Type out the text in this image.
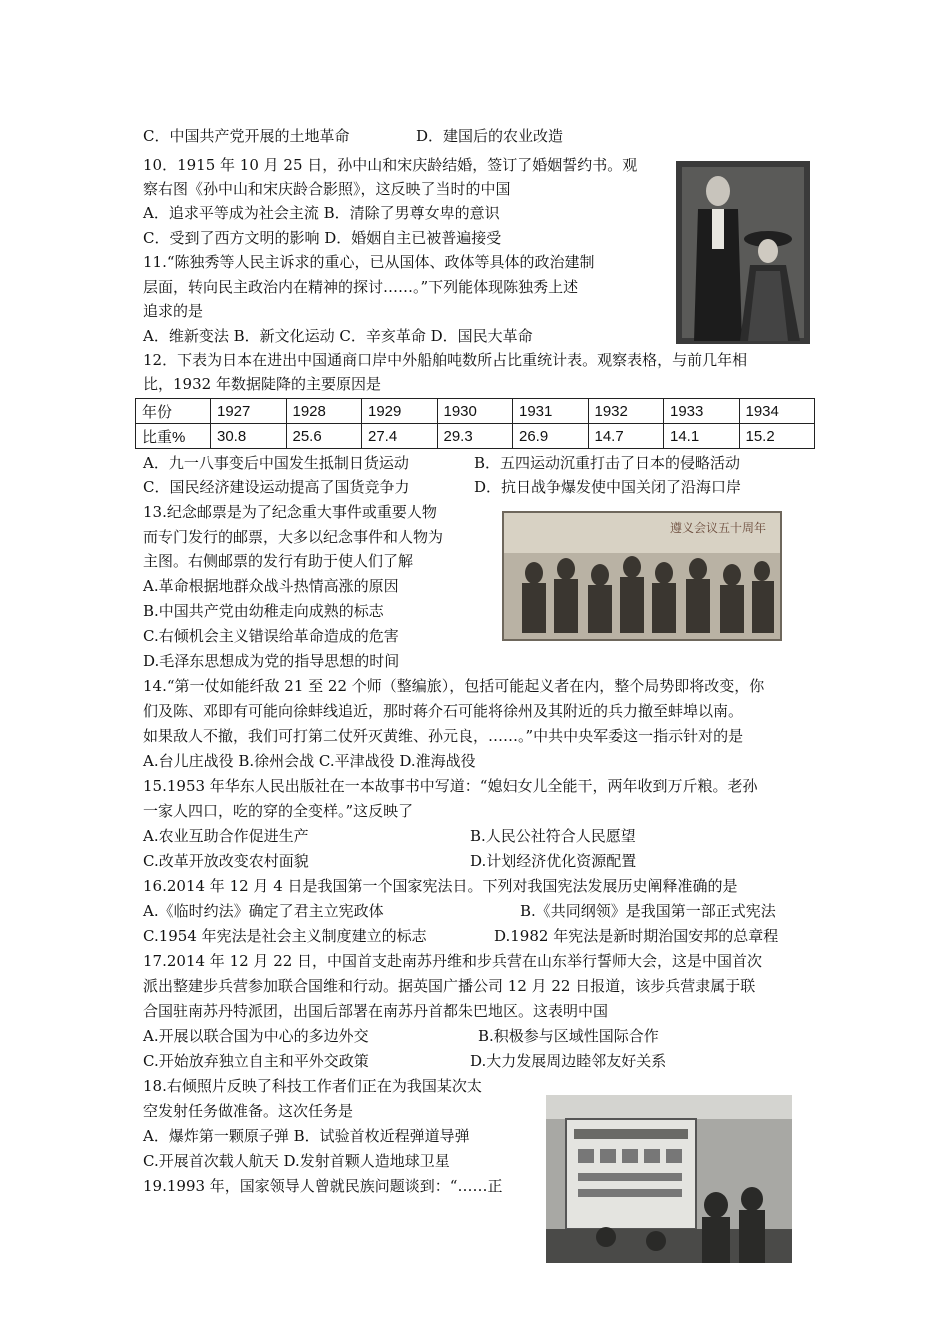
C．中国共产党开展的土地革命	D．建国后的农业改造
10．1915 年 10 月 25 日，孙中山和宋庆龄结婚，签订了婚姻誓约书。观
察右图《孙中山和宋庆龄合影照》，这反映了当时的中国
A．追求平等成为社会主流 B．清除了男尊女卑的意识
C．受到了西方文明的影响 D．婚姻自主已被普遍接受
11.“陈独秀等人民主诉求的重心，已从国体、政体等具体的政治建制
层面，转向民主政治内在精神的探讨……。”下列能体现陈独秀上述
追求的是
A．维新变法 B．新文化运动 C．辛亥革命 D．国民大革命
12．下表为日本在进出中国通商口岸中外船舶吨数所占比重统计表。观察表格，与前几年相
比，1932 年数据陡降的主要原因是
年份	1927	1928	1929	1930	1931	1932	1933	1934
比重%	30.8	25.6	27.4	29.3	26.9	14.7	14.1	15.2
A．九一八事变后中国发生抵制日货运动	B．五四运动沉重打击了日本的侵略活动
C．国民经济建设运动提高了国货竞争力	D．抗日战争爆发使中国关闭了沿海口岸
13.纪念邮票是为了纪念重大事件或重要人物
而专门发行的邮票，大多以纪念事件和人物为
主图。右侧邮票的发行有助于使人们了解
A.革命根据地群众战斗热情高涨的原因
B.中国共产党由幼稚走向成熟的标志
C.右倾机会主义错误给革命造成的危害
D.毛泽东思想成为党的指导思想的时间
遵义会议五十周年
14.“第一仗如能纤敌 21 至 22 个师（整编旅），包括可能起义者在内，整个局势即将改变，你
们及陈、邓即有可能向徐蚌线追近，那时蒋介石可能将徐州及其附近的兵力撤至蚌埠以南。
如果敌人不撤，我们可打第二仗歼灭黄维、孙元良，……。”中共中央军委这一指示针对的是
A.台儿庄战役 B.徐州会战 C.平津战役 D.淮海战役
15.1953 年华东人民出版社在一本故事书中写道：“媳妇女儿全能干，两年收到万斤粮。老孙
一家人四口，吃的穿的全变样。”这反映了
A.农业互助合作促进生产	B.人民公社符合人民愿望
C.改革开放改变农村面貌	D.计划经济优化资源配置
16.2014 年 12 月 4 日是我国第一个国家宪法日。下列对我国宪法发展历史阐释准确的是
A.《临时约法》确定了君主立宪政体	B.《共同纲领》是我国第一部正式宪法
C.1954 年宪法是社会主义制度建立的标志	D.1982 年宪法是新时期治国安邦的总章程
17.2014 年 12 月 22 日，中国首支赴南苏丹维和步兵营在山东举行誓师大会，这是中国首次
派出整建步兵营参加联合国维和行动。据英国广播公司 12 月 22 日报道，该步兵营隶属于联
合国驻南苏丹特派团，出国后部署在南苏丹首都朱巴地区。这表明中国
A.开展以联合国为中心的多边外交	B.积极参与区域性国际合作
C.开始放弃独立自主和平外交政策	D.大力发展周边睦邻友好关系
18.右倾照片反映了科技工作者们正在为我国某次太
空发射任务做准备。这次任务是
A．爆炸第一颗原子弹 B．试验首枚近程弹道导弹
C.开展首次载人航天 D.发射首颗人造地球卫星
19.1993 年，国家领导人曾就民族问题谈到：“……正
